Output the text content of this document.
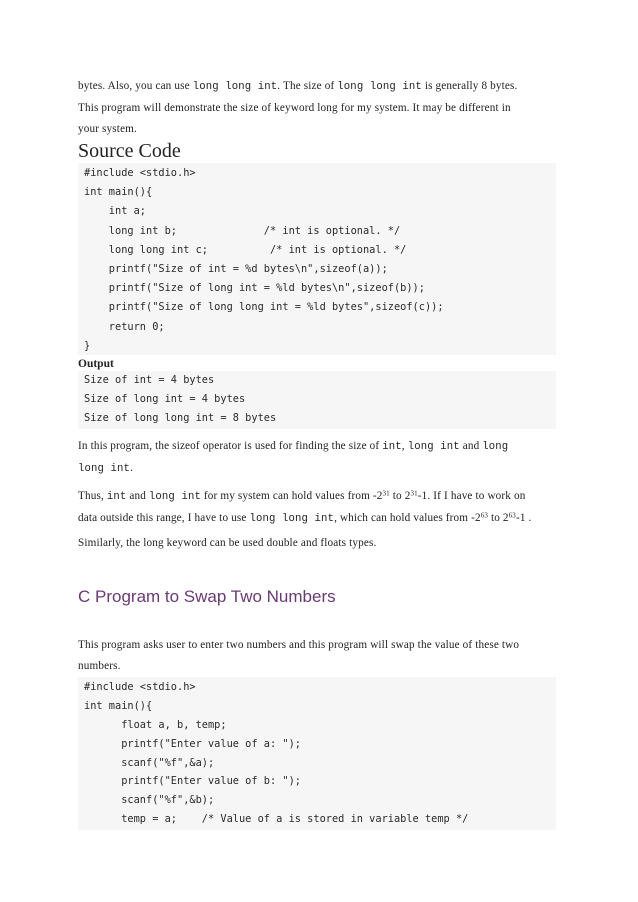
bytes. Also, you can use long long int. The size of long long int is generally 8 bytes.
This program will demonstrate the size of keyword long for my system. It may be different in
your system.
Source Code
#include <stdio.h>
int main(){
int a;
long int b;              /* int is optional. */
long long int c;          /* int is optional. */
printf("Size of int = %d bytes\n",sizeof(a));
printf("Size of long int = %ld bytes\n",sizeof(b));
printf("Size of long long int = %ld bytes",sizeof(c));
return 0;
}
Output
Size of int = 4 bytes
Size of long int = 4 bytes
Size of long long int = 8 bytes
In this program, the sizeof operator is used for finding the size of int, long int and long
long int.
Thus, int and long int for my system can hold values from $-2^{31}$ to $2^{31}-1$. If I have to work on
data outside this range, I have to use long long int, which can hold values from $-2^{63}$ to $2^{63}-1$ .
Similarly, the long keyword can be used double and floats types.
C Program to Swap Two Numbers
This program asks user to enter two numbers and this program will swap the value of these two
numbers.
#include <stdio.h>
int main(){
float a, b, temp;
printf("Enter value of a: ");
scanf("%f",&a);
printf("Enter value of b: ");
scanf("%f",&b);
temp = a;    /* Value of a is stored in variable temp */
